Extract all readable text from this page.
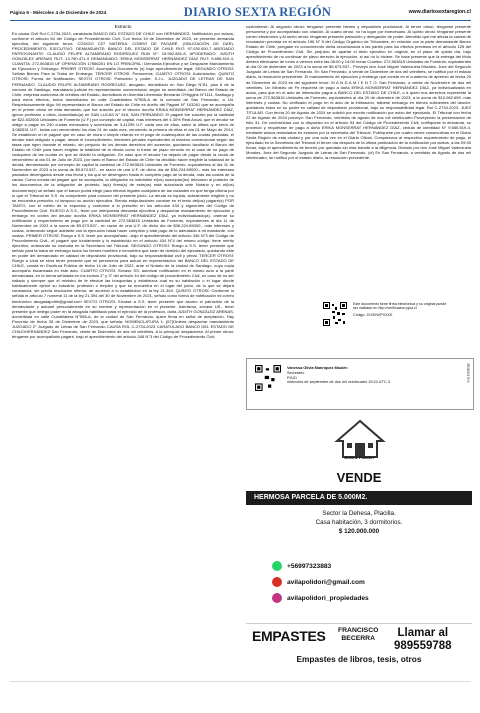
Página 6 - Miércoles 4 de Diciembre de 2024	DIARIO SEXTA REGIÓN	www.diariosextaregion.cl

Extracto

En causa Civil Rol C-2734-2023, caratulada BANCO DEL ESTADO DE CHILE con HERNÁNDEZ. Notificación por avisos, conforme el artículo 54 del Código de Procedimiento Civil. Con fecha 19 de Diciembre de 2023, se presentó demanda ejecutiva, del siguiente tenor: CÓDIGO C07 MATERIA: COBRO DE PAGARÉ. (OBLIGACIÓN DE DAR). PROCEDIMIENTO: EJECUTIVO. DEMANDANTE: BANCO DEL ESTADO DE CHILE RUT: 97.030.000-7 ABOGADO PATROCINANTE: CLAUDIO FELIPE ALTAMIRANO RODRÍGUEZ RUN N°: 15.962.851-8. APODERADO: JUDITH GONZÁLEZ ARENAS RUT: 13.780.471-9 DEMANDADO: ERIKA MONSERRAT HERNÁNDEZ DÍAZ RUT: 9.656.519-4. CUANTÍA: 272,563815 UF OPERACIÓN 17566201 EN LO PRINCIPAL: Demanda Ejecutiva y se Despache Mandamiento de Ejecución y Embargo; PRIMER OTROSÍ: Acompaña Documento (s) bajo apercibimiento legal; SEGUNDO OTROSÍ: Señala Bienes Para la Traba de Embargo; TERCER OTROSÍ: Personería; CUARTO OTROSÍ: Autorización; QUINTO OTROSÍ: Forma de Notificación; SEXTO OTROSÍ: Patrocinio y poder. S.J.L. JUZGADO DE LETRAS DE SAN FERNANDO. CLAUDIO FELIPE ALTAMIRANO RODRÍGUEZ, abogado, domiciliado en San Diego N°81, piso 8 de la comuna de Santiago, mandatario judicial en representación convencional, según se acreditará, del Banco del Estado de Chile, empresa autónoma de créditos del Estado, domiciliado en Avenida Libertador Bernardo O'Higgins N°1111, Santiago y para estos efectos, todos domiciliados en calle Cuadrilatera N°565-A de la comuna de San Fernando, a Ud. Respetuosamente digo: Mi representado el Banco del Estado de Chile es dueño del Pagaré N° 103261 que se acompaña en el primer otrosí de esta demanda, que fue suscrito por el deudor don/ña ERIKA MONSERRAT HERNÁNDEZ DÍAZ, ignoro profesión u oficio, domiciliado(a) en SAN LUCAS N° 616, SAN FERNANDO. El pagaré fue suscrito por la cantidad de $22.832600 Unidades de Fomento (U.F.) por concepto de capital, más intereses del 4,30% Real Anual, que el deudor se obligó a pagar en 240 cuotas mensuales y sucesivas de 3,41295 U.F. cada una de ellas, salvo la última que sería de 3,080531 U.F., todas con vencimiento los días 01 de cada mes, venciendo la primera de ellas el día 01 de Mayo de 2014. Se estableció en el pagaré que en caso de mora o simple retardo en el pago de cualesquiera de las cuotas pactadas, el deudor está obligado a pagar, desde el incumplimiento, intereses penales equivalentes al máximo convencional según las tasas que rigen durante el retardo, sin perjuicio de los demás derechos del acreedor, quedando facultado el Banco del Estado de Chile para hacer exigible la totalidad de la deuda como si fuese de plazo vencido en el caso de no pago de cualquiera de las cuotas en que se dividió la obligación. En caso que el deudor ha dejado de pagar desde la cuota de vencimiento al día 01 de Julio de 2023, por tanto el Banco del Estado de Chile ha decidido hacer exigible la totalidad de la deuda, demandando por concepto de capital la cantidad de 272,563815 Unidades de Fomento, equivalentes al día 11 de Noviembre de 2023 a la suma de $9.873.537.- en razón de una U.F. de dicho día de $36.224.69000.- más los intereses pactados devengados desde esa fecha y los que se devenguen hasta el completo pago de la deuda, más las costas de la causa. Como consta del pagaré que se acompaña, la obligación es indivisible el(os) suscriptor(es) relevaron al portador de los documentos de la obligación de protesto, la(s) firma(s) de este(os) está autorizada ante Notario y en el(los) documento(s) se señaló que el banco podrá elegir para efectos legales cualquiera de las ciudades en que tenga oficina por lo que el Tribunal de S.S. es competente para conocer del presente juicio. La deuda es líquida, actualmente exigible y no se encuentra prescrita, ni tampoco su acción ejecutiva. Siendo estipulaciones constan en el texto del(os) pagaré(s) POR TANTO, con el mérito de lo expuesto y conforme a lo prescrito en los artículos 434 y siguientes del Código de Procedimiento Civil. RUEGO A S.S., tener por interpuesta demanda ejecutiva y despachar mandamiento de ejecución y embargo en contra del deudor don/ña ERIKA MONSERRAT HERNÁNDEZ DÍAZ, ya individualizado(a), ordenar su notificación y requerimiento de pago por la cantidad de 272,563815 Unidades de Fomento, equivalentes al día 11 de Noviembre de 2023 a la suma de $9.873.537.- en razón de una U.F. de dicho día de $36.224.69000.- más intereses y costas, ordenando seguir adelante con la ejecución hasta hacer cumplido y total pago de lo adeudado a mi mandante, con costas. PRIMER OTROSÍ: Ruego a S.S. tener por acompañado –bajo el apercibimiento del artículo 346 N°3 del Código de Procedimiento Civil– el pagaré que fundamenta y lo establecido en el artículo 434 N°4 del mismo código; tiene mérito ejecutivo, ordenando su custodia en la Secretaría del Tribunal. SEGUNDO OTROSÍ: Ruego a S.S. tener presente que señalo para la traba de embargo todos los bienes muebles e inmuebles que sean de dominio del ejecutado, quedando éste en poder del demandado en calidad de depositario provisional, bajo su responsabilidad civil y penal. TERCER OTROSÍ: Ruego a Usía se sirva tener presente que mi personería para actuar en representación del BANCO DEL ESTADO DE CHILE, consta en Escritura Pública de fecha 14 de Julio de 2022, ante el Notario de la ciudad de Santiago, cuya copia acompaño escaneada en este acto. CUARTO OTROSÍ: Sírvase SS. autorizar notificación en el mismo acto a la parte demandada, en la forma señalada en los incisos 2° y 3° del artículo 44 del código de procedimiento Civil, en caso de no ser hallado y siempre que el ministro de fe efectué las búsquedas y establezca cuál es su habitación o el lugar donde habitualmente ejerce su industria, profesión o empleo y que se encuentra en el lugar del juicio, de lo que se dejará constancia, sin previa resolución ulterior, de acuerdo a lo establecido en la ley 21.394. QUINTO OTROSÍ: Conforme lo señala el artículo 7 numeral 11 de la ley 21.394 del 30 de Noviembre de 2021, señalo como forma de notificación mi correo electrónico abogadajudith@gmail.com SEXTO OTROSÍ: Sírvase a S.S. tener presente que asumo el patrocinio de la demandante y actuaré personalmente en su nombre y representación en el presente. Asimismo, sírvase US., tener presente que delego poder en la abogada habilitada para el ejercicio de la profesión, doña JUDITH GONZÁLEZ ARENAS, domiciliada en calle Cuadrilatera N°565-A, de la ciudad de San Fernando, quien firma en señal de aceptación. Hay Proveído de fecha 28 de Diciembre de 2023, que señala: NOMENCLATURA 1. [67]Ordena despachar mandamiento JUZGADO 2° Juzgado de Letras de San Fernando CAUSA ROL C-2734-2023 CARATULADO BANCO DEL ESTADO DE CHILE/HERNÁNDEZ San Fernando, veinte de Diciembre de dos mil veintitrés. A lo principal: despáchese. Al primer otrosí: ténganse por acompañado pagaré, bajo el apercibimiento del artículo 346 N°3 del Código de Procedimiento Civil;

custódiense. Al segundo otrosí: ténganse presente bienes y depositario provisional. Al tercer otrosí: ténganse presente personería y por acompañado con citación. Al cuarto otrosí: no ha lugar por innecesario. Al quinto otrosí: ténganse presente correo electrónico y Al sexto otrosí: ténganse presente patrocinio y delegación de poder. Atendido que me afecta la causal de recusación prevista en el artículo 196 N° 5 del Código Orgánico de Tribunales, en relación con la parte demandante Banco Estado de Chile, póngase en conocimiento dicha circunstancia a las partes para los efectos previstos en el artículo 125 del Código de Procedimiento Civil. Sin perjuicio de apartar el título ejecutivo en original, en el plazo de quinto día, bajo apercibimiento de no continuar de pleno derecho la ejecución, si así no lo hiciere. Se hace presente que la entrega del título deberá efectuarse de lunes a viernes entre las 08:00 y 14:00 horas Cuantía: 272,563815 Unidades de Fomento, equivalentes al día 02 de diciembre de 2023 a la suma de $9.873.537.- Proveyó don José Miguel Valenzuela Morales, Juez del Segundo Juzgado de Letras de San Fernando. En San Fernando, a veinte de Diciembre de dos mil veintitrés, se notificó por el estado diario, la resolución precedente. El mandamiento de ejecución y embargo que consta en el cuaderno de apremio de fecha 20 de Diciembre de 2023 es del siguiente tenor: M A N D A M I E N T O. San Fernando, a veinte de Noviembre de dos mil veintitrés. Un Ministro de Fe requerirá de pago a doña ERIKA MONSERRAT HERNÁNDEZ DÍAZ, ya individualizada en autos, para que en el acto de intimación pague a BANCO DEL ESTADO DE CHILE, o a quien sus derechos represente la suma de 272,563815 Unidades de Fomento, equivalentes al día 20 de diciembre de 2023, a la suma de $10.082.659. más intereses y costas. No verificado el pago en el acto de la intimación, trábese embargo en bienes suficientes del deudor, quedando éstos en su poder en calidad de depositario provisional, bajo su responsabilidad legal. Rol C-2734-2023. JUEZ TITULAR. Con fecha 20 de Agosto de 2024 se solicitó por escrito notificación por aviso del ejecutado. El Tribunal con fecha 22 de Agosto de 2024 proveyó: San Fernando, veintidós de agosto de dos mil veinticuatro Proveyendo la presentación de folio 31. De conformidad con lo dispuesto en el artículo 54 del Código de Procedimiento Civil, notifíquese la demanda, su proveído y requiérase de pago a doña ERIKA MONSERRAT HERNÁNDEZ DÍAZ, cédula de identidad N° 9.656.519-4, mediante avisos redactados en extracto por la secretaria del Tribunal. Publíquese por cuatro veces consecutivas en el Diario Sexta Región de esta ciudad y por una sola vez en el Diario Oficial. Compárezca al respectivo requerimiento de pago, el ejecutado en la Secretaría del Tribunal el tercer día después de la última publicación de la notificación por avisos, a las 09:30 horas, bajo el apercibimiento de tenerlo por quedado sin más trámite a la diligencia. Dictado por don José Miguel Valenzuela Morales, Juez del Segundo Juzgado de Letras de San Fernando. (vf) En San Fernando, a veintidós de Agosto de dos mil veinticuatro, se notificó por el estado diario, la resolución precedente.

Este documento tiene firma electrónica y su original puede ser validado en http://verificacion.pjud.cl
Código: JXXKNXPXXXE
Vanessa Olivia Manríquez Maulén
Secretario
PJUD
miércoles de septiembre de dos mil veinticuatro 15:24 UTC-3	3R1E8Y17H4
Avila & Polidori
VENDE
HERMOSA PARCELA DE 5.000M2.
Sector la Dehesa, Placilla.
Casa habitación, 3 dormitorios.
$ 120.000.000
+56997323883
avilapolidori@gmail.com
avilapolidori_propiedades
EMPASTES FRANCISCO
BECERRA	Llamar al
989559788
Empastes de libros, tesis, otros
